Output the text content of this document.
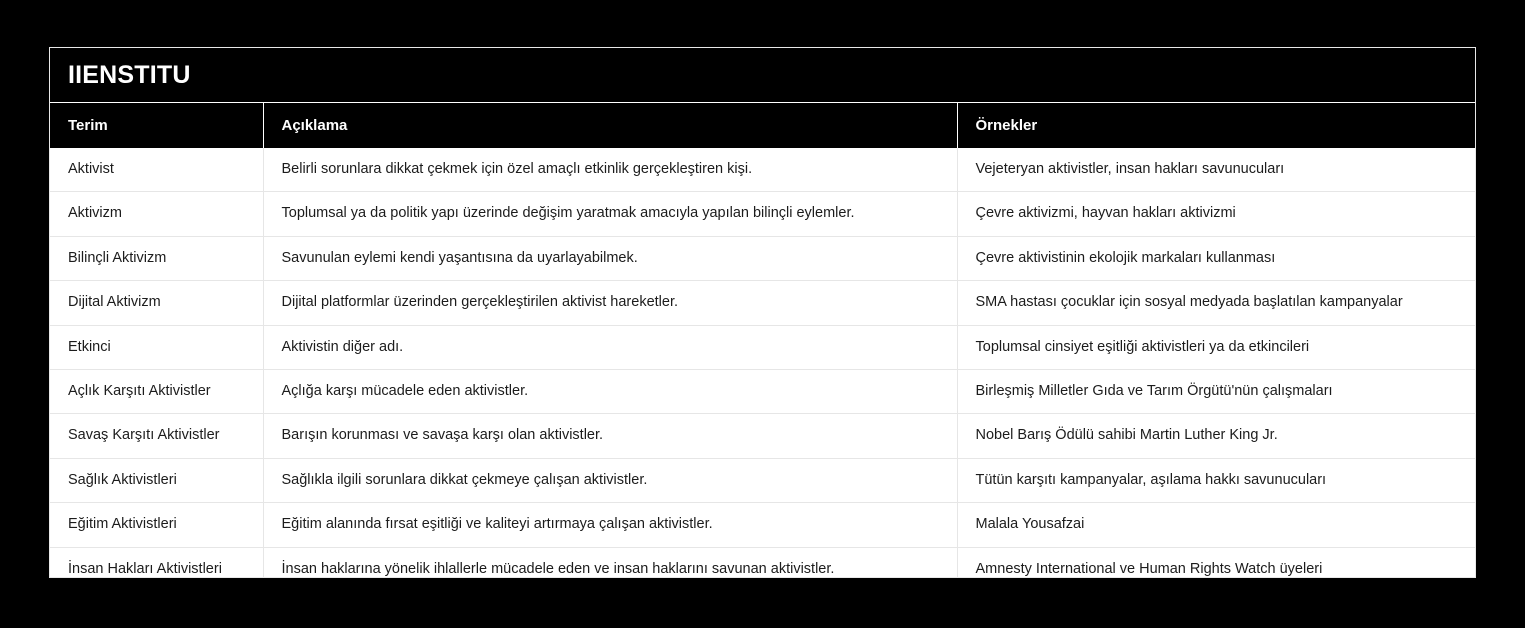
IIENSTITU
Terim	Açıklama	Örnekler
Aktivist	Belirli sorunlara dikkat çekmek için özel amaçlı etkinlik gerçekleştiren kişi.	Vejeteryan aktivistler, insan hakları savunucuları
Aktivizm	Toplumsal ya da politik yapı üzerinde değişim yaratmak amacıyla yapılan bilinçli eylemler.	Çevre aktivizmi, hayvan hakları aktivizmi
Bilinçli Aktivizm	Savunulan eylemi kendi yaşantısına da uyarlayabilmek.	Çevre aktivistinin ekolojik markaları kullanması
Dijital Aktivizm	Dijital platformlar üzerinden gerçekleştirilen aktivist hareketler.	SMA hastası çocuklar için sosyal medyada başlatılan kampanyalar
Etkinci	Aktivistin diğer adı.	Toplumsal cinsiyet eşitliği aktivistleri ya da etkincileri
Açlık Karşıtı Aktivistler	Açlığa karşı mücadele eden aktivistler.	Birleşmiş Milletler Gıda ve Tarım Örgütü'nün çalışmaları
Savaş Karşıtı Aktivistler	Barışın korunması ve savaşa karşı olan aktivistler.	Nobel Barış Ödülü sahibi Martin Luther King Jr.
Sağlık Aktivistleri	Sağlıkla ilgili sorunlara dikkat çekmeye çalışan aktivistler.	Tütün karşıtı kampanyalar, aşılama hakkı savunucuları
Eğitim Aktivistleri	Eğitim alanında fırsat eşitliği ve kaliteyi artırmaya çalışan aktivistler.	Malala Yousafzai
İnsan Hakları Aktivistleri	İnsan haklarına yönelik ihlallerle mücadele eden ve insan haklarını savunan aktivistler.	Amnesty International ve Human Rights Watch üyeleri
